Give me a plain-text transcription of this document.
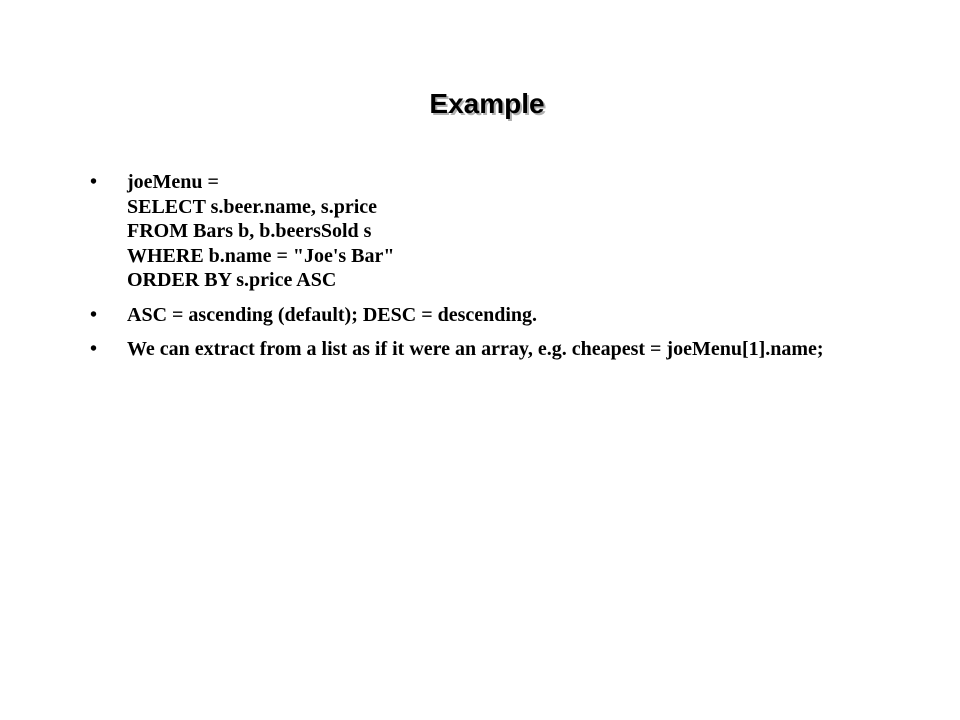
Example
• joeMenu =
SELECT s.beer.name, s.price
FROM Bars b, b.beersSold s
WHERE b.name = "Joe's Bar"
ORDER BY s.price ASC
• ASC = ascending (default); DESC = descending.
• We can extract from a list as if it were an array, e.g. cheapest = joeMenu[1].name;
